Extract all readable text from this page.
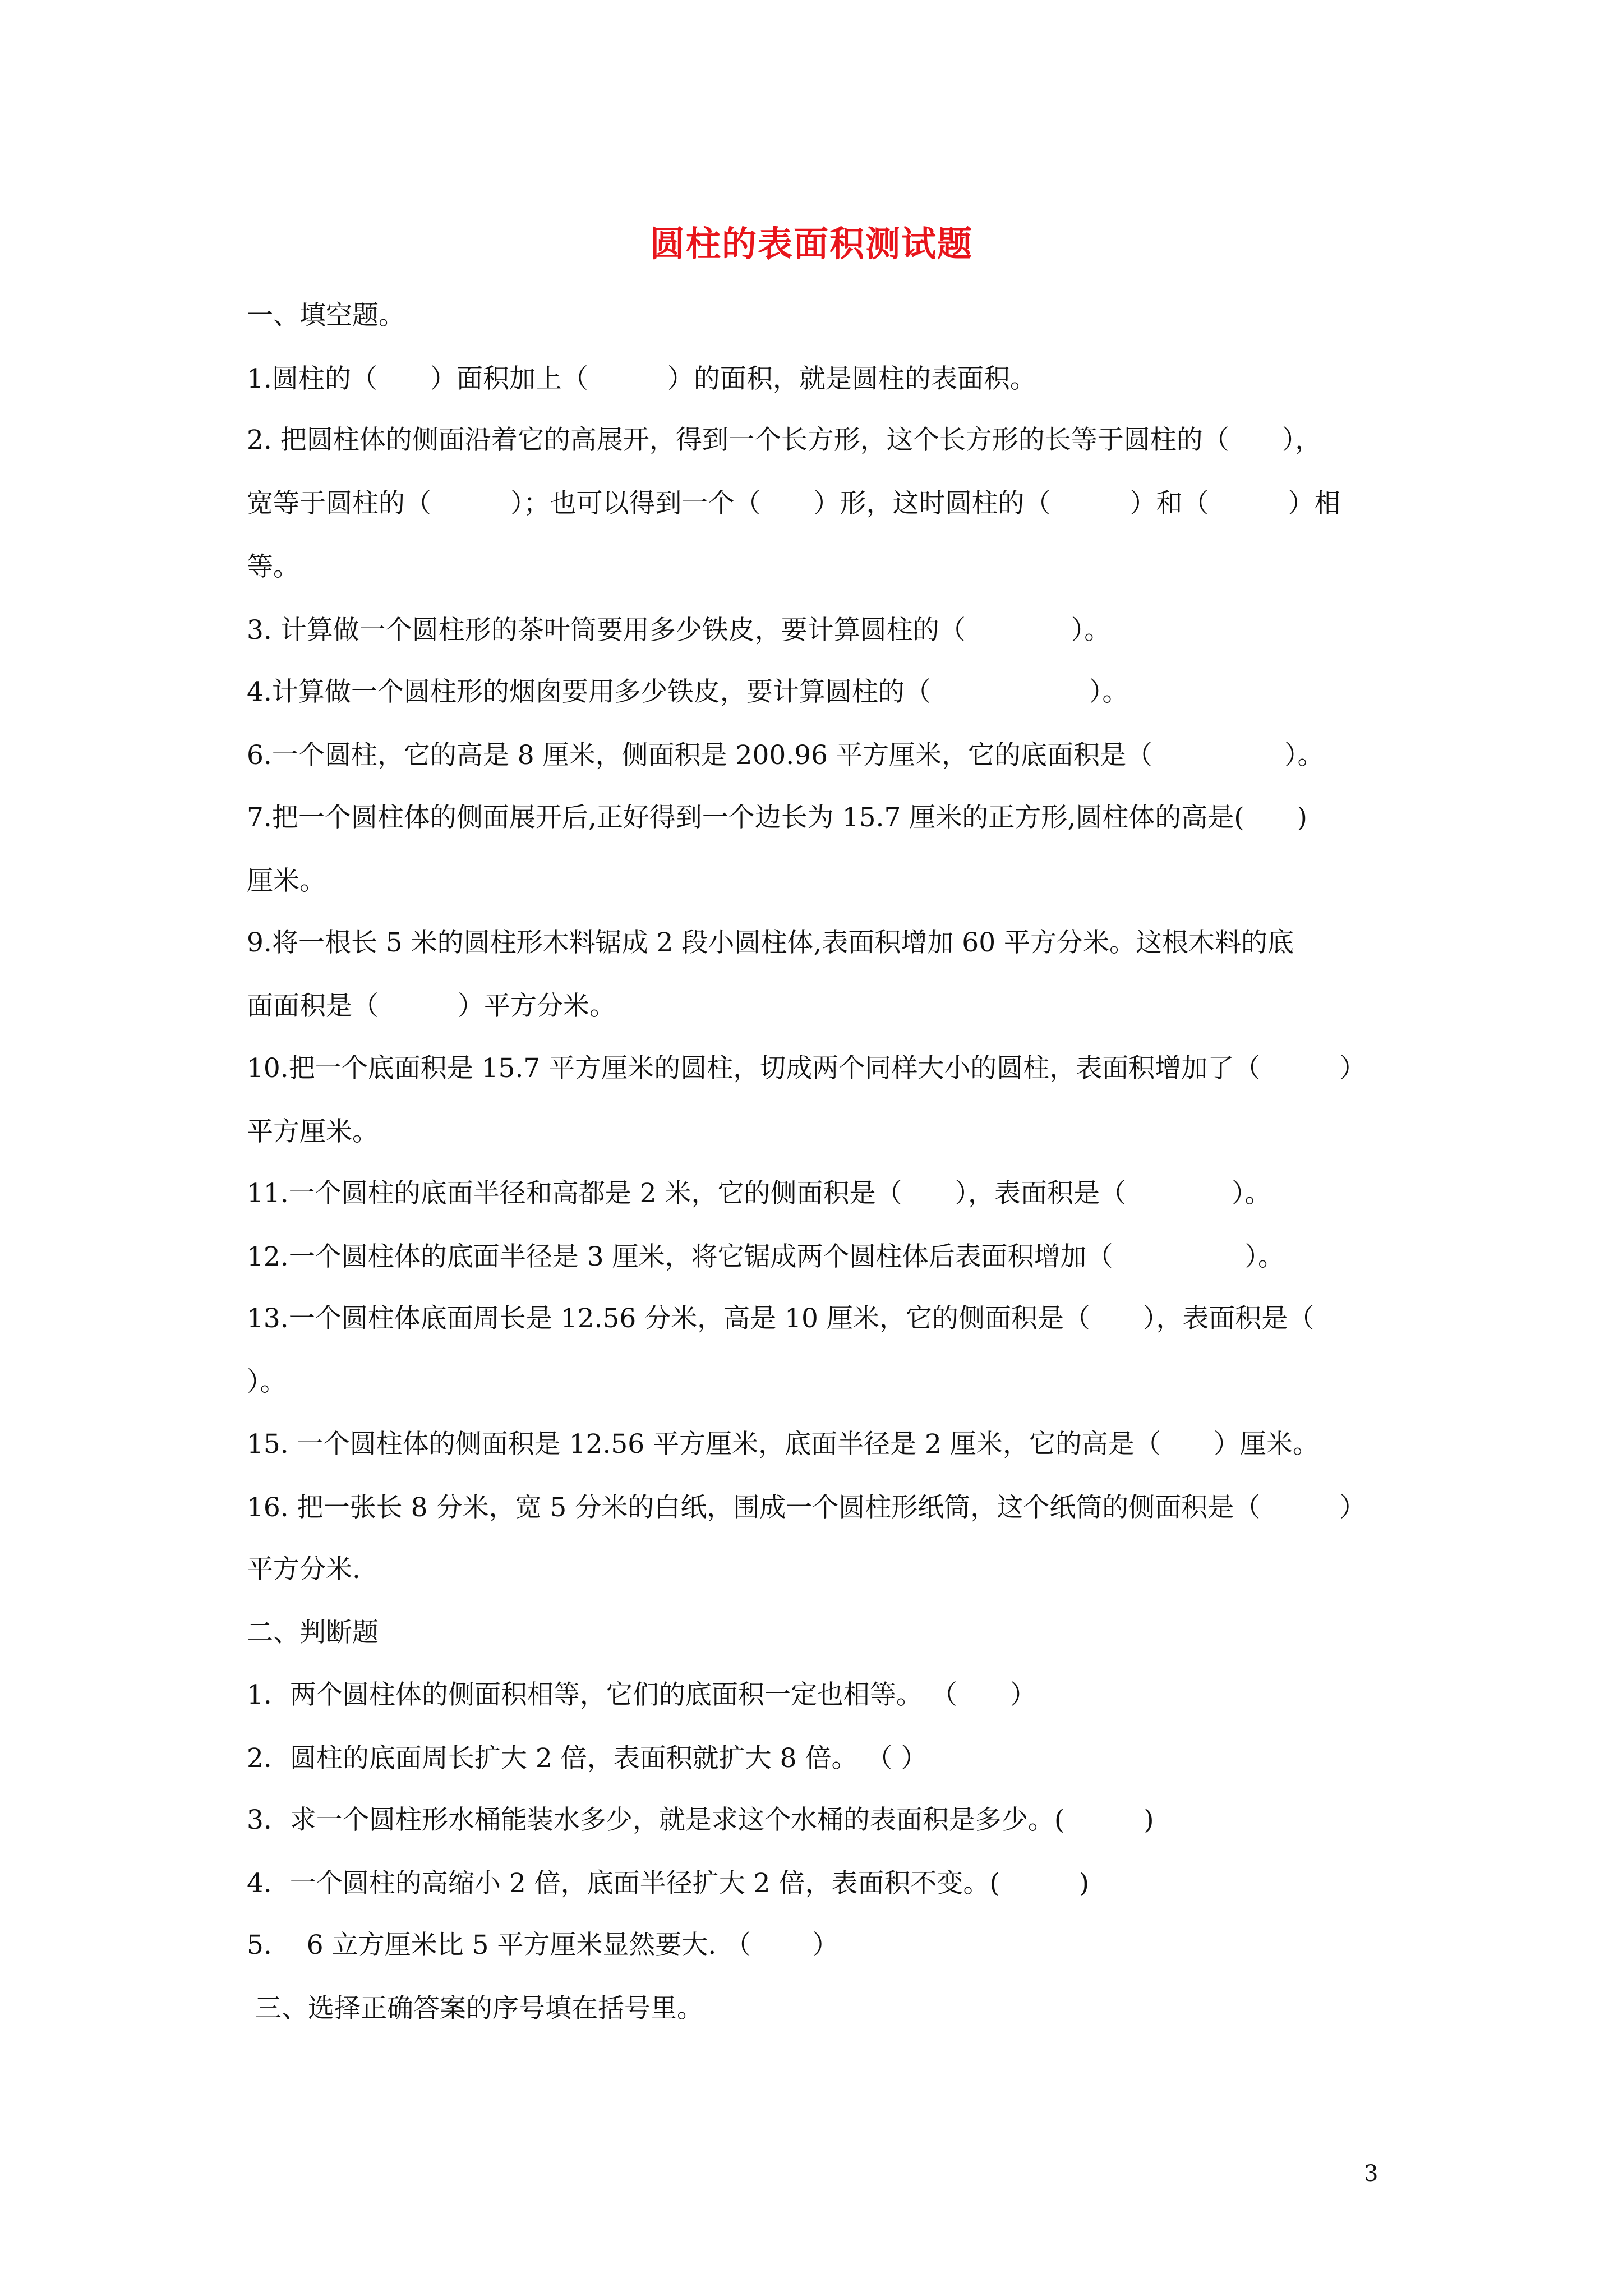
圆柱的表面积测试题
一、填空题。
1.圆柱的（　　）面积加上（　　　）的面积，就是圆柱的表面积。
2. 把圆柱体的侧面沿着它的高展开，得到一个长方形，这个长方形的长等于圆柱的（　　），
宽等于圆柱的（　　　）；也可以得到一个（　　）形，这时圆柱的（　　　）和（　　　）相
等。
3. 计算做一个圆柱形的茶叶筒要用多少铁皮，要计算圆柱的（　　　　）。
4.计算做一个圆柱形的烟囱要用多少铁皮，要计算圆柱的（　　　　　　）。
6.一个圆柱，它的高是 8 厘米，侧面积是 200.96 平方厘米，它的底面积是（　　　　　）。
7.把一个圆柱体的侧面展开后,正好得到一个边长为 15.7 厘米的正方形,圆柱体的高是(　　)
厘米。
9.将一根长 5 米的圆柱形木料锯成 2 段小圆柱体,表面积增加 60 平方分米。这根木料的底
面面积是（　　　）平方分米。
10.把一个底面积是 15.7 平方厘米的圆柱，切成两个同样大小的圆柱，表面积增加了（　　　）
平方厘米。
11.一个圆柱的底面半径和高都是 2 米，它的侧面积是（　　），表面积是（　　　　）。
12.一个圆柱体的底面半径是 3 厘米，将它锯成两个圆柱体后表面积增加（　　　　　）。
13.一个圆柱体底面周长是 12.56 分米，高是 10 厘米，它的侧面积是（　　），表面积是（
）。
15. 一个圆柱体的侧面积是 12.56 平方厘米，底面半径是 2 厘米，它的高是（　　）厘米。
16. 把一张长 8 分米，宽 5 分米的白纸，围成一个圆柱形纸筒，这个纸筒的侧面积是（　　　）
平方分米.
二、判断题
1．两个圆柱体的侧面积相等，它们的底面积一定也相等。 （　　）
2．圆柱的底面周长扩大 2 倍，表面积就扩大 8 倍。 （ ）
3．求一个圆柱形水桶能装水多少，就是求这个水桶的表面积是多少。(　　　)
4．一个圆柱的高缩小 2 倍，底面半径扩大 2 倍，表面积不变。(　　　)
5.　 6 立方厘米比 5 平方厘米显然要大. （　　 ）
三、选择正确答案的序号填在括号里。
3
